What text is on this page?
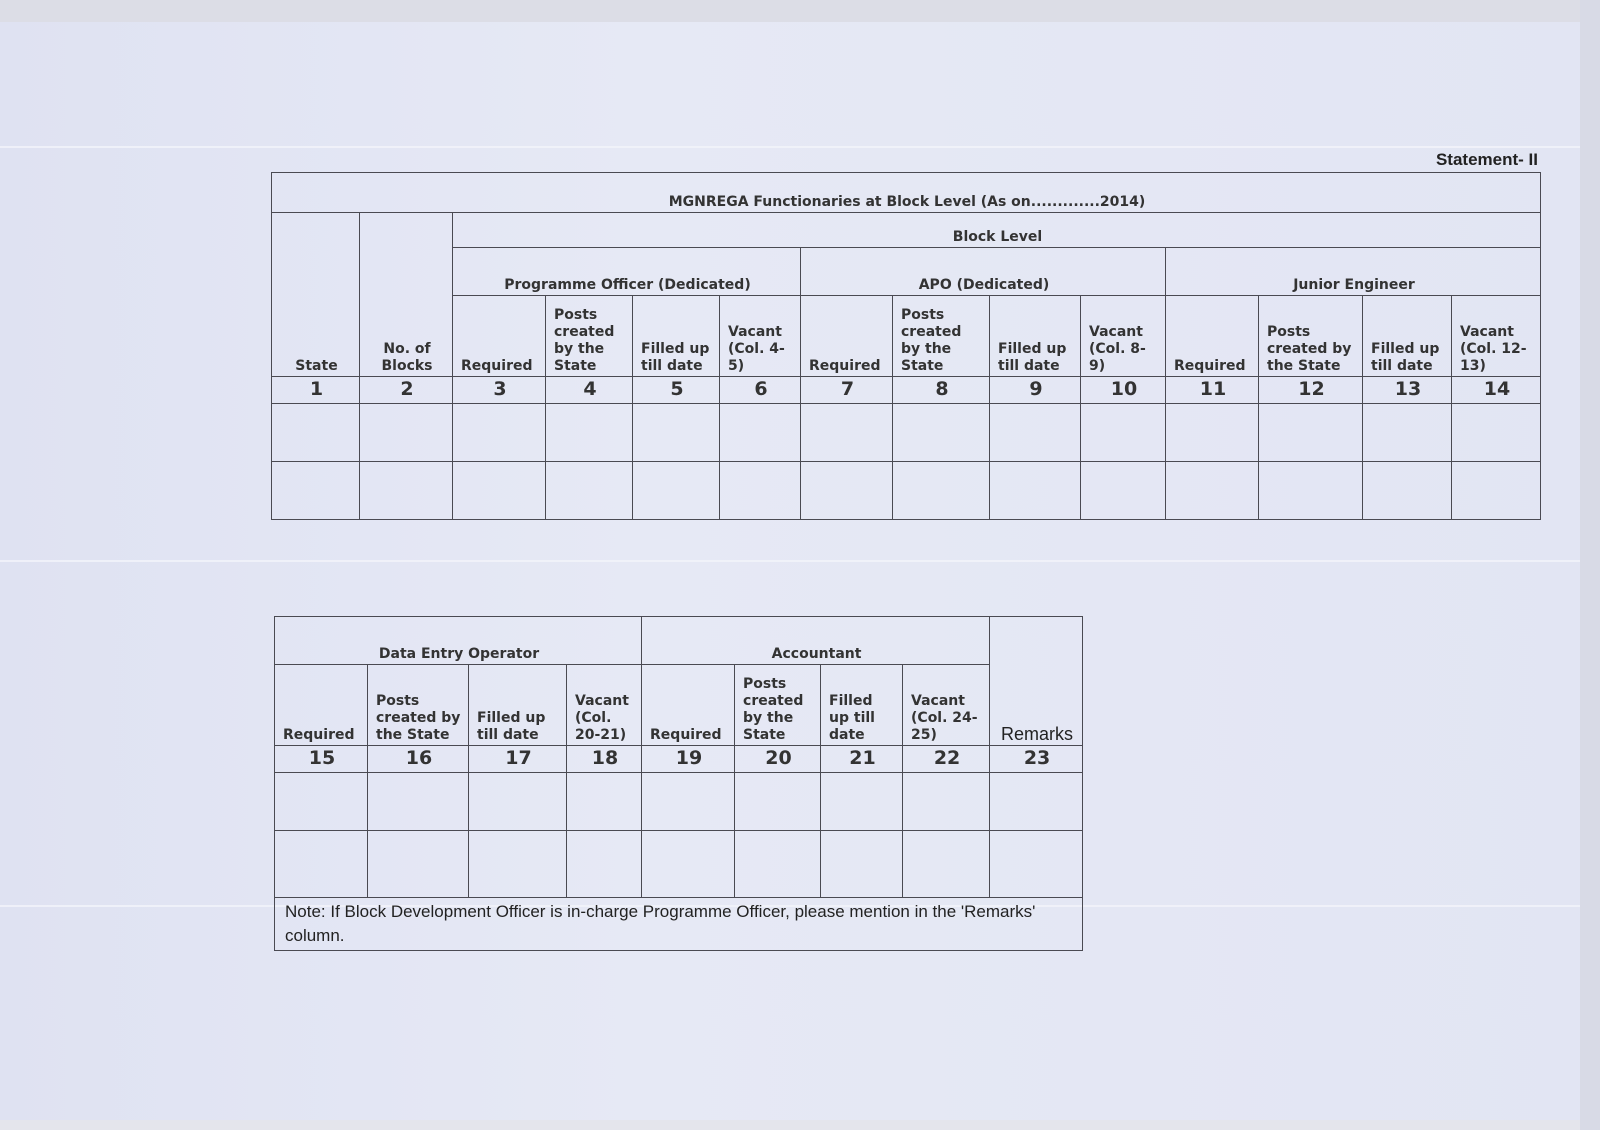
Statement- II
MGNREGA Functionaries at Block Level (As on.............2014)													
State	No. of Blocks	Block Level											
		Programme Officer (Dedicated)				APO (Dedicated)				Junior Engineer			
		Required	Posts created by the State	Filled up till date	Vacant (Col. 4-5)	Required	Posts created by the State	Filled up till date	Vacant (Col. 8-9)	Required	Posts created by the State	Filled up till date	Vacant (Col. 12-13)
1	2	3	4	5	6	7	8	9	10	11	12	13	14

Data Entry Operator				Accountant				Remarks
Required	Posts created by the State	Filled up till date	Vacant (Col. 20-21)	Required	Posts created by the State	Filled up till date	Vacant (Col. 24-25)	
15	16	17	18	19	20	21	22	23

Note: If Block Development Officer is in-charge Programme Officer, please mention in the 'Remarks' column.								
